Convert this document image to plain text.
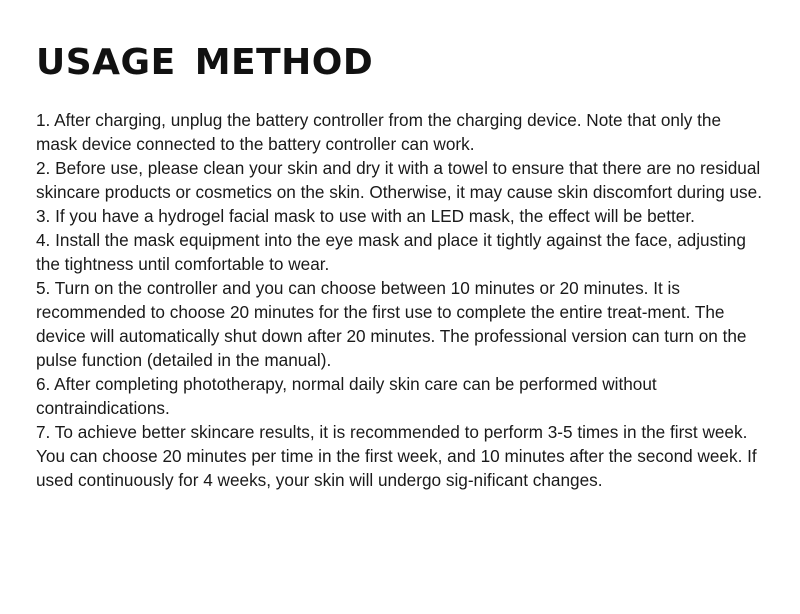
USAGE METHOD

1. After charging, unplug the battery controller from the charging device. Note that only the mask device connected to the battery controller can work.

2. Before use, please clean your skin and dry it with a towel to ensure that there are no residual skincare products or cosmetics on the skin. Otherwise, it may cause skin discomfort during use.

3. If you have a hydrogel facial mask to use with an LED mask, the effect will be better.

4. Install the mask equipment into the eye mask and place it tightly against the face, adjusting the tightness until comfortable to wear.

5. Turn on the controller and you can choose between 10 minutes or 20 minutes. It is recommended to choose 20 minutes for the first use to complete the entire treat-ment. The device will automatically shut down after 20 minutes. The professional version can turn on the pulse function (detailed in the manual).

6. After completing phototherapy, normal daily skin care can be performed without contraindications.

7. To achieve better skincare results, it is recommended to perform 3-5 times in the first week. You can choose 20 minutes per time in the first week, and 10 minutes after the second week. If used continuously for 4 weeks, your skin will undergo sig-nificant changes.
